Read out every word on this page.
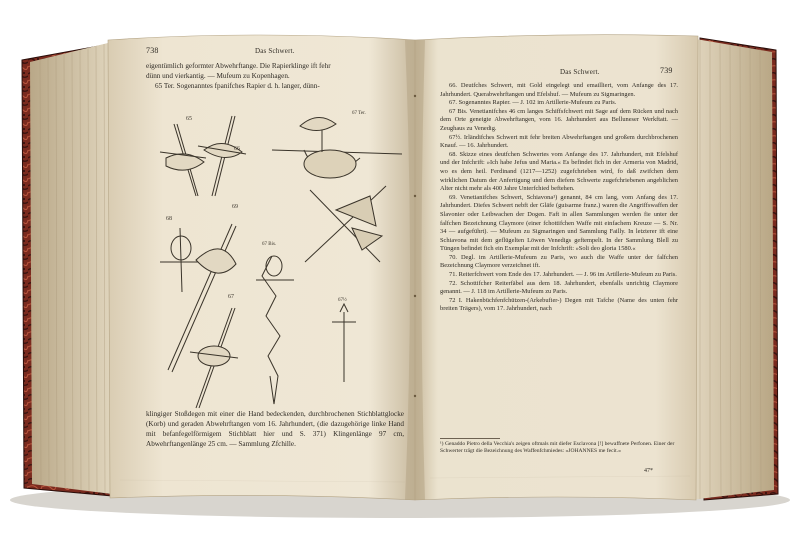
738	Das Schwert.
eigentümlich geformter Abwehrftange. Die Rapierklinge ift fehr
dünn und vierkantig. — Mufeum zu Kopenhagen.
65 Ter. Sogenanntes fpanifches Rapier d. h. langer, dünn-
65
66
67 Ter.
68
69
67 Bis.
67
67½

klingiger Stoßdegen mit einer die Hand bedeckenden, durchbrochenen Stichblattglocke (Korb) und geraden Abwehrftangen vom 16. Jahrhundert, (die dazugehörige linke Hand mit befanfegelförmigem Stichblatt hier und S. 371) Klingenlänge 97 cm, Abwehrftangenlänge 25 cm. — Sammlung Zfchille.

Das Schwert.	739

66. Deutfches Schwert, mit Gold eingelegt und emailliert, vom Anfange des 17. Jahrhundert. Querabwehrftangen und Efelshuf. — Mufeum zu Sigmaringen.

67. Sogenanntes Rapier. — J. 102 im Artillerie-Mufeum zu Paris.

67 Bis. Venetianifches 46 cm langes Schiffsfchwert mit Sage auf dem Rücken und nach dem Orte geneigte Abwehrftangen, vom 16. Jahrhundert aus Belluneser Werkftatt. — Zeughaus zu Venedig.

67½. Irländifches Schwert mit fehr breiten Abwehrftangen und großem durchbrochenen Knauf. — 16. Jahrhundert.

68. Skizze eines deutfchen Schwertes vom Anfange des 17. Jahrhundert, mit Efelshuf und der Infchrift: »Ich habe Jefus und Maria.« Es befindet fich in der Armeria von Madrid, wo es dem heil. Ferdinand (1217—1252) zugefchrieben wird, fo daß zwifchen dem wirklichen Datum der Anfertigung und dem diefem Schwerte zugefchriebenen angeblichen Alter nicht mehr als 400 Jahre Unterfchied beftehen.

69. Venetianifches Schwert, Schiavona¹) genannt, 84 cm lang, vom Anfang des 17. Jahrhundert. Diefes Schwert nebft der Gläfe (guisarme franz.) waren die Angriffswaffen der Slavonier oder Leibwachen der Dogen. Faft in allen Sammlungen werden fie unter der falfchen Bezeichnung Claymore (einer fchottifchen Waffe mit einfachem Kreuze — S. Nr. 34 — aufgeführt). — Mufeum zu Sigmaringen und Sammlung Failly. In letzterer ift eine Schiavona mit dem geflügelten Löwen Venedigs geftempelt. In der Sammlung Blell zu Tüngen befindet fich ein Exemplar mit der Infchrift: »Soli deo gloria 1580.«

70. Degl. im Artillerie-Mufeum zu Paris, wo auch die Waffe unter der falfchen Bezeichnung Claymore verzeichnet ift.

71. Reiterfchwert vom Ende des 17. Jahrhundert. — J. 96 im Artillerie-Mufeum zu Paris.

72. Schottifcher Reiterfäbel aus dem 18. Jahrhundert, ebenfalls unrichtig Claymore genannt. — J. 118 im Artillerie-Mufeum zu Paris.

72 I. Hakenbüchfenfchützen-(Arkebufier-) Degen mit Tafche (Name des unten fehr breiten Trägers), vom 17. Jahrhundert, nach

¹) Genaddo Pietro della Vecchia's zeigen oftmals mit diefer Esclavona [!] bewaffnete Perfonen. Einer der Schwerter trägt die Bezeichnung des Waffenfchmiedes: »JOHANNES me fecit.«
47*
